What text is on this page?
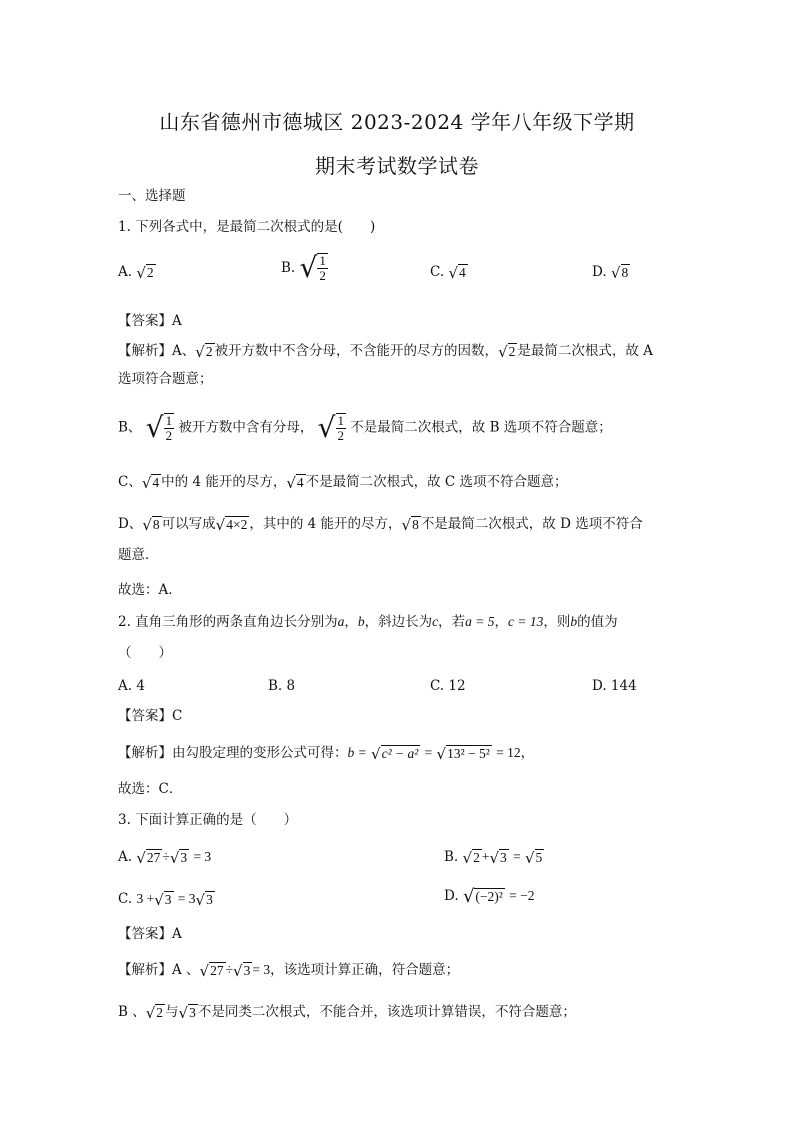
山东省德州市德城区 2023-2024 学年八年级下学期
期末考试数学试卷
一、选择题
1. 下列各式中，是最简二次根式的是(　　)
A. √ 2	B. √ $\frac{1}{2}$	C. √ 4	D. √ 8
【答案】A
【解析】A、 √ 2 被开方数中不含分母，不含能开的尽方的因数， √ 2 是最简二次根式，故 A
选项符合题意；
B、 √ $\frac{1}{2}$ 被开方数中含有分母， √ $\frac{1}{2}$ 不是最简二次根式，故 B 选项不符合题意；
C、 √ 4 中的 4 能开的尽方， √ 4 不是最简二次根式，故 C 选项不符合题意；
D、 √ 8 可以写成 √ 4×2 ，其中的 4 能开的尽方， √ 8 不是最简二次根式，故 D 选项不符合
题意．
故选：A．
2. 直角三角形的两条直角边长分别为a，b，斜边长为c，若a = 5，c = 13，则b的值为
（　　）
A. 4	B. 8	C. 12	D. 144
【答案】C
【解析】由勾股定理的变形公式可得：b = √ c² − a² = √ 13² − 5² = 12，
故选：C．
3. 下面计算正确的是（　　）
A. √ 27 ÷ √ 3 = 3	B. √ 2 + √ 3 = √ 5
C. 3 + √ 3 = 3 √ 3	D. √ (−2)² = −2
【答案】A
【解析】A 、 √ 27 ÷ √ 3 = 3，该选项计算正确，符合题意；
B 、 √ 2 与 √ 3 不是同类二次根式，不能合并，该选项计算错误，不符合题意；
